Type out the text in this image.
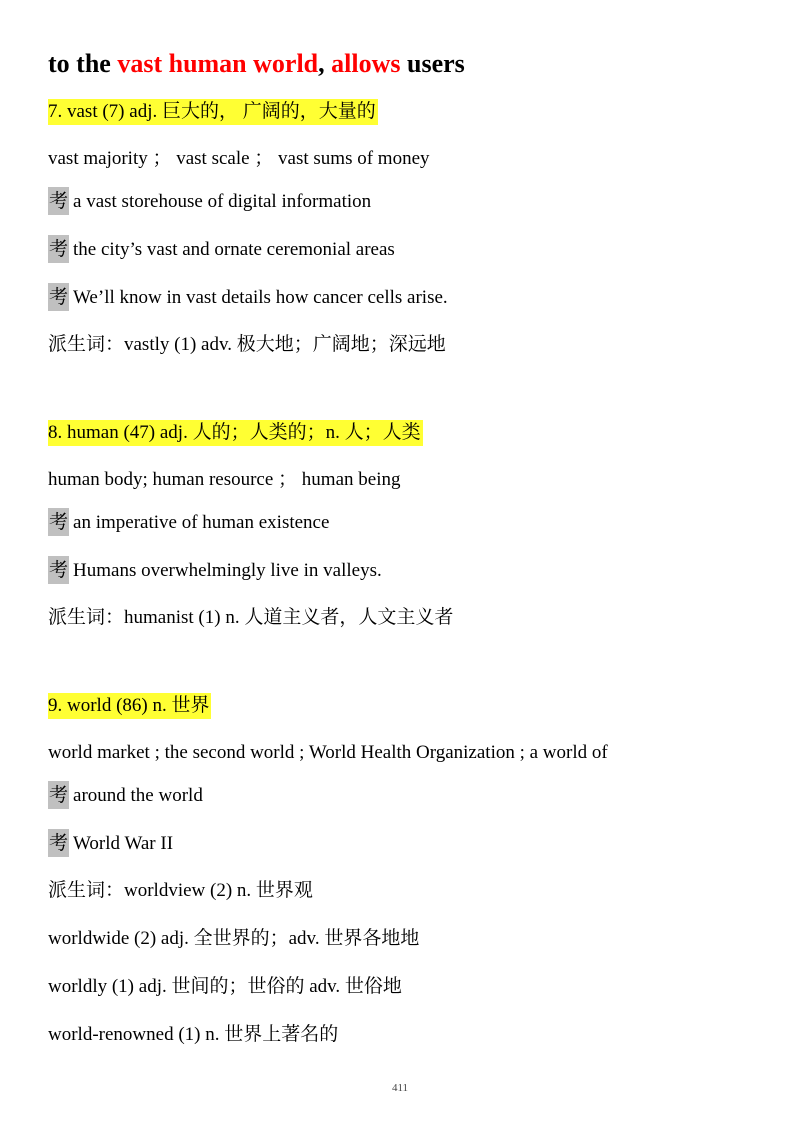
to the vast human world, allows users
7. vast (7) adj. 巨大的， 广阔的，大量的
vast majority ； vast scale ； vast sums of money
考 a vast storehouse of digital information
考 the city’s vast and ornate ceremonial areas
考 We’ll know in vast details how cancer cells arise.
派生词：vastly (1) adv. 极大地；广阔地；深远地
8. human (47) adj. 人的；人类的；n. 人；人类
human body; human resource ； human being
考 an imperative of human existence
考 Humans overwhelmingly live in valleys.
派生词：humanist (1) n. 人道主义者，人文主义者
9. world (86) n. 世界
world market ; the second world ; World Health Organization ; a world of
考 around the world
考 World War II
派生词：worldview (2) n. 世界观
worldwide (2) adj. 全世界的；adv. 世界各地地
worldly (1) adj. 世间的；世俗的 adv. 世俗地
world-renowned (1) n. 世界上著名的
411
